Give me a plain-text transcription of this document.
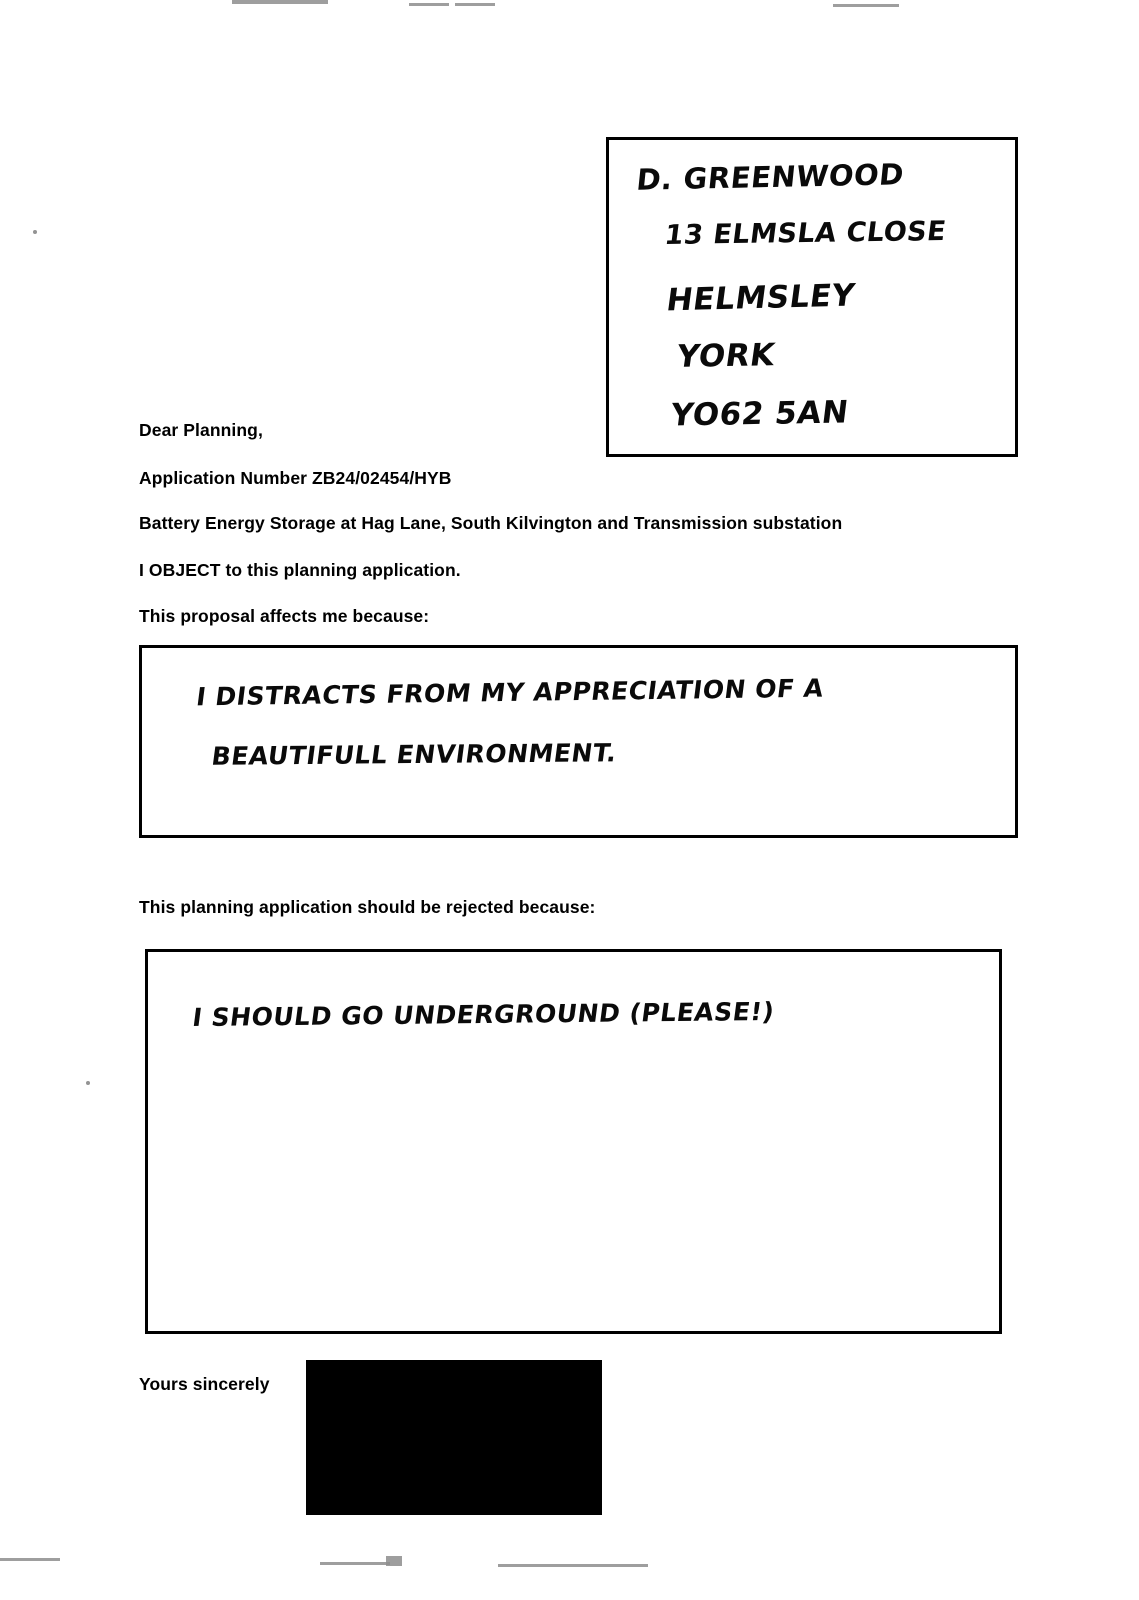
D. GREENWOOD
13 ELMSLA CLOSE
HELMSLEY
YORK
YO62 5AN
Dear Planning,
Application Number ZB24/02454/HYB
Battery Energy Storage at Hag Lane, South Kilvington and Transmission substation
I OBJECT to this planning application.
This proposal affects me because:
I DISTRACTS FROM MY APPRECIATION OF A
BEAUTIFULL ENVIRONMENT.
This planning application should be rejected because:
I SHOULD GO UNDERGROUND (PLEASE!)
Yours sincerely
